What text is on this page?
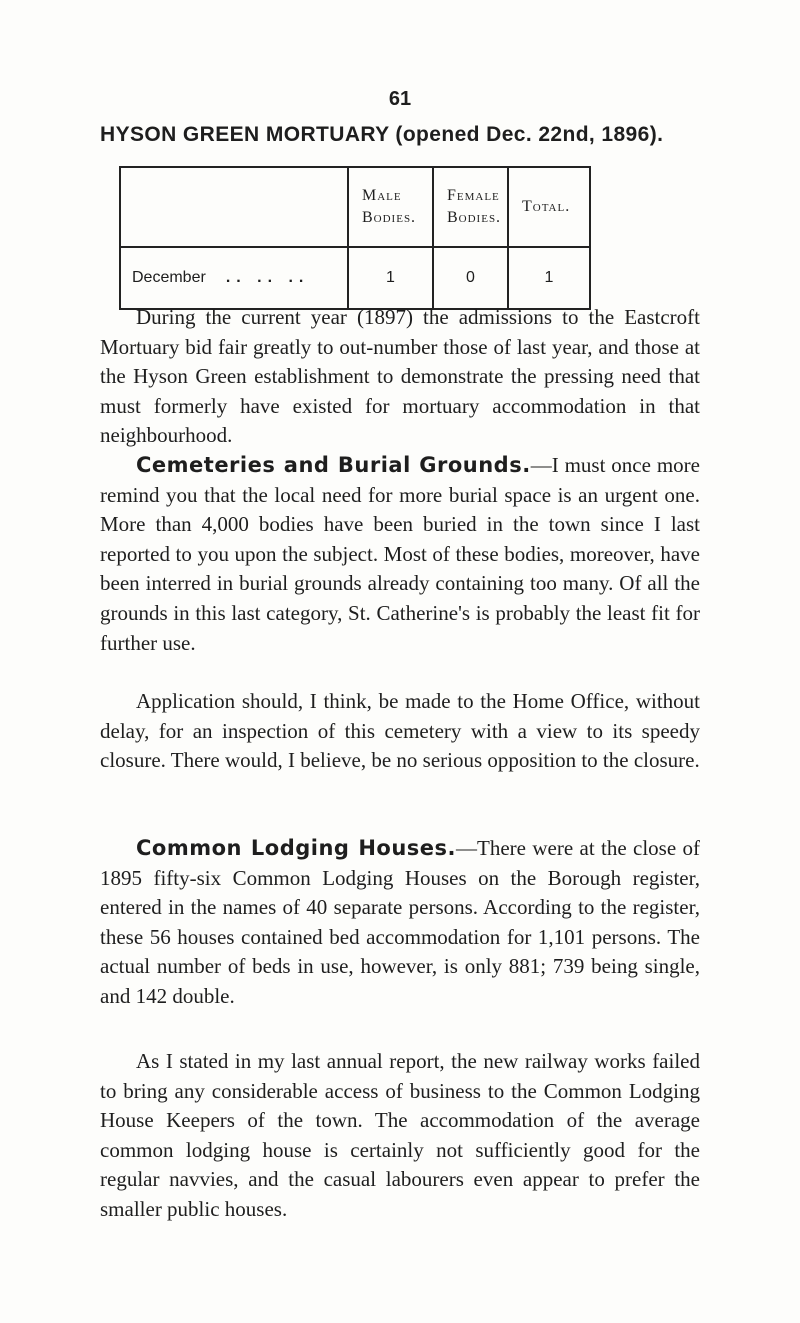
61
HYSON GREEN MORTUARY (opened Dec. 22nd, 1896).
	Male Bodies.	Female Bodies.	Total.
December .. .. ..	1	0	1

During the current year (1897) the admissions to the Eastcroft Mortuary bid fair greatly to out-number those of last year, and those at the Hyson Green establishment to demonstrate the pressing need that must formerly have existed for mortuary accommodation in that neighbourhood.

Cemeteries and Burial Grounds.—I must once more remind you that the local need for more burial space is an urgent one. More than 4,000 bodies have been buried in the town since I last reported to you upon the subject. Most of these bodies, moreover, have been interred in burial grounds already containing too many. Of all the grounds in this last category, St. Catherine's is probably the least fit for further use.

Application should, I think, be made to the Home Office, without delay, for an inspection of this cemetery with a view to its speedy closure. There would, I believe, be no serious opposition to the closure.

Common Lodging Houses.—There were at the close of 1895 fifty-six Common Lodging Houses on the Borough register, entered in the names of 40 separate persons. According to the register, these 56 houses contained bed accommodation for 1,101 persons. The actual number of beds in use, however, is only 881; 739 being single, and 142 double.

As I stated in my last annual report, the new railway works failed to bring any considerable access of business to the Common Lodging House Keepers of the town. The accommodation of the average common lodging house is certainly not sufficiently good for the regular navvies, and the casual labourers even appear to prefer the smaller public houses.
